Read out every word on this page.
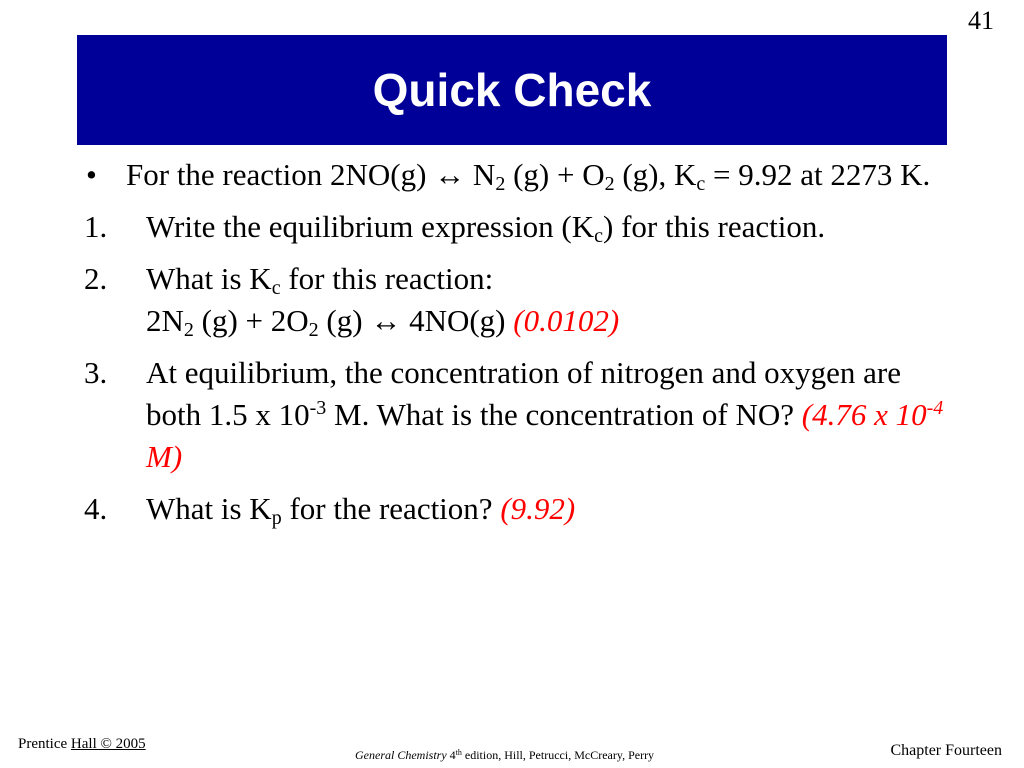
41
Quick Check
• For the reaction 2NO(g) ↔ $N_2$ $(g) + O_2$ (g), $K_c = 9.92$ at 2273 K.
1.	Write the equilibrium expression $(K_c)$ for this reaction.
2. What is $K_c$ for this reaction:
$2N_2$ $(g) + 2O_2$ (g) ↔ 4NO(g) (0.0102)
3.	At equilibrium, the concentration of nitrogen and oxygen are both 1.5 x $10^{-3}$ M. What is the concentration of NO? (4.76 x $10^{-4}$ M)
4.	What is $K_p$ for the reaction? (9.92)
Prentice Hall © 2005
General Chemistry 4th edition, Hill, Petrucci, McCreary, Perry	Chapter Fourteen
